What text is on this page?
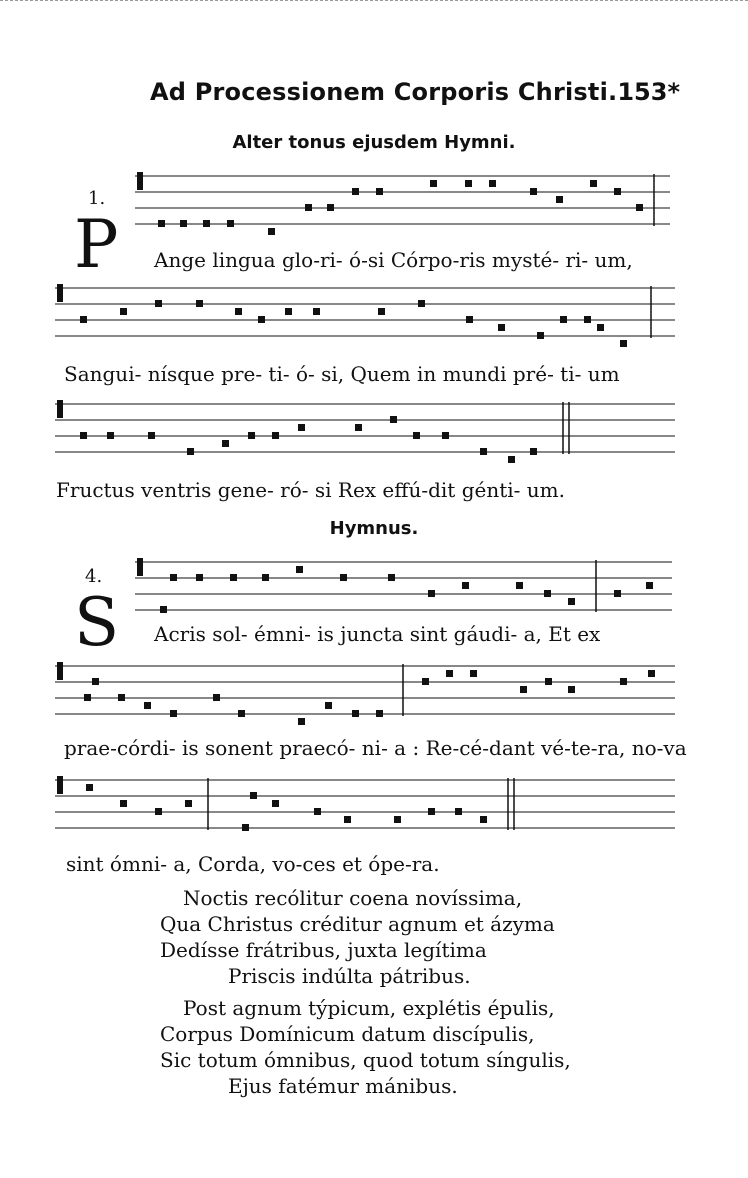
Ad Processionem Corporis Christi. 153*
Alter tonus ejusdem Hymni.
1.
P Ange lingua glo-ri- ó-si Córpo-ris mysté- ri- um,
Sangui- nísque pre- ti- ó- si, Quem in mundi pré- ti- um
Fructus ventris gene- ró- si Rex effú-dit génti- um.
Hymnus.
4.
S Acris sol- émni- is juncta sint gáudi- a, Et ex
prae-córdi- is sonent praecó- ni- a : Re-cé-dant vé-te-ra, no-va
sint ómni- a, Corda, vo-ces et ópe-ra.
Noctis recólitur coena novíssima,
Qua Christus créditur agnum et ázyma
Dedísse frátribus, juxta legítima
Priscis indúlta pátribus.
Post agnum týpicum, explétis épulis,
Corpus Domínicum datum discípulis,
Sic totum ómnibus, quod totum síngulis,
Ejus fatémur mánibus.
